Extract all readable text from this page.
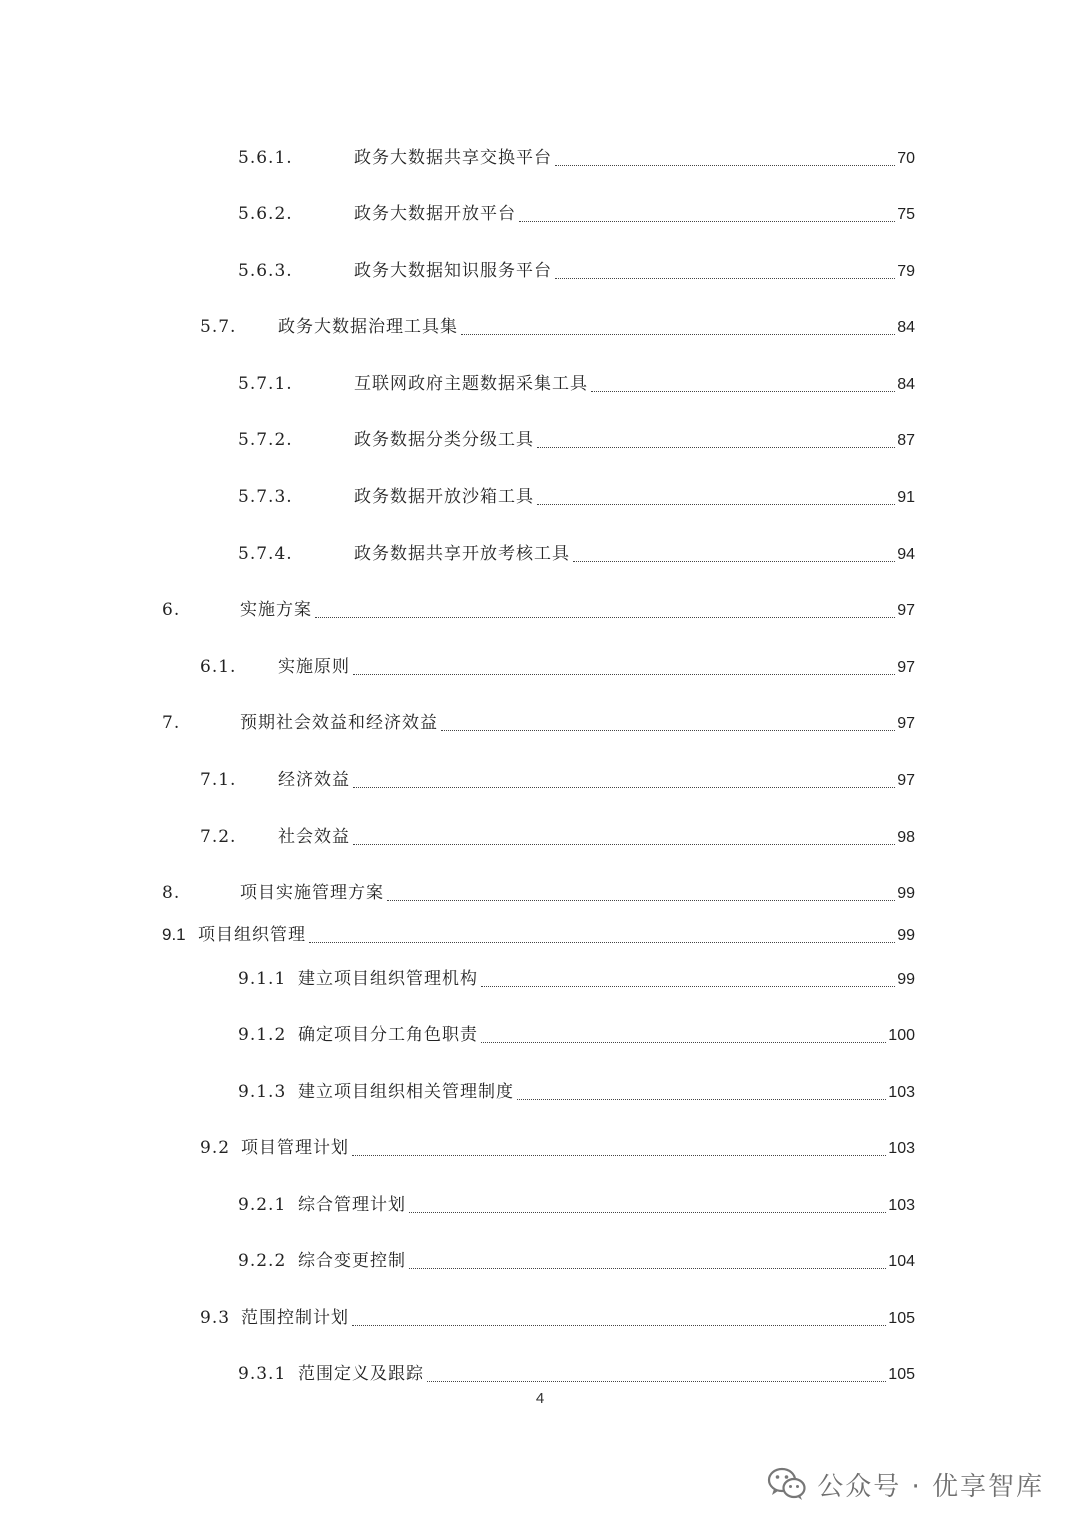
5.6.1.	政务大数据共享交换平台	70
5.6.2.	政务大数据开放平台	75
5.6.3.	政务大数据知识服务平台	79
5.7.	政务大数据治理工具集	84
5.7.1.	互联网政府主题数据采集工具	84
5.7.2.	政务数据分类分级工具	87
5.7.3.	政务数据开放沙箱工具	91
5.7.4.	政务数据共享开放考核工具	94
6.	实施方案	97
6.1.	实施原则	97
7.	预期社会效益和经济效益	97
7.1.	经济效益	97
7.2.	社会效益	98
8.	项目实施管理方案	99
9.1 项目组织管理	99
9.1.1 建立项目组织管理机构	99
9.1.2 确定项目分工角色职责	100
9.1.3 建立项目组织相关管理制度	103
9.2 项目管理计划	103
9.2.1 综合管理计划	103
9.2.2 综合变更控制	104
9.3 范围控制计划	105
9.3.1 范围定义及跟踪	105
4
公众号 · 优享智库
